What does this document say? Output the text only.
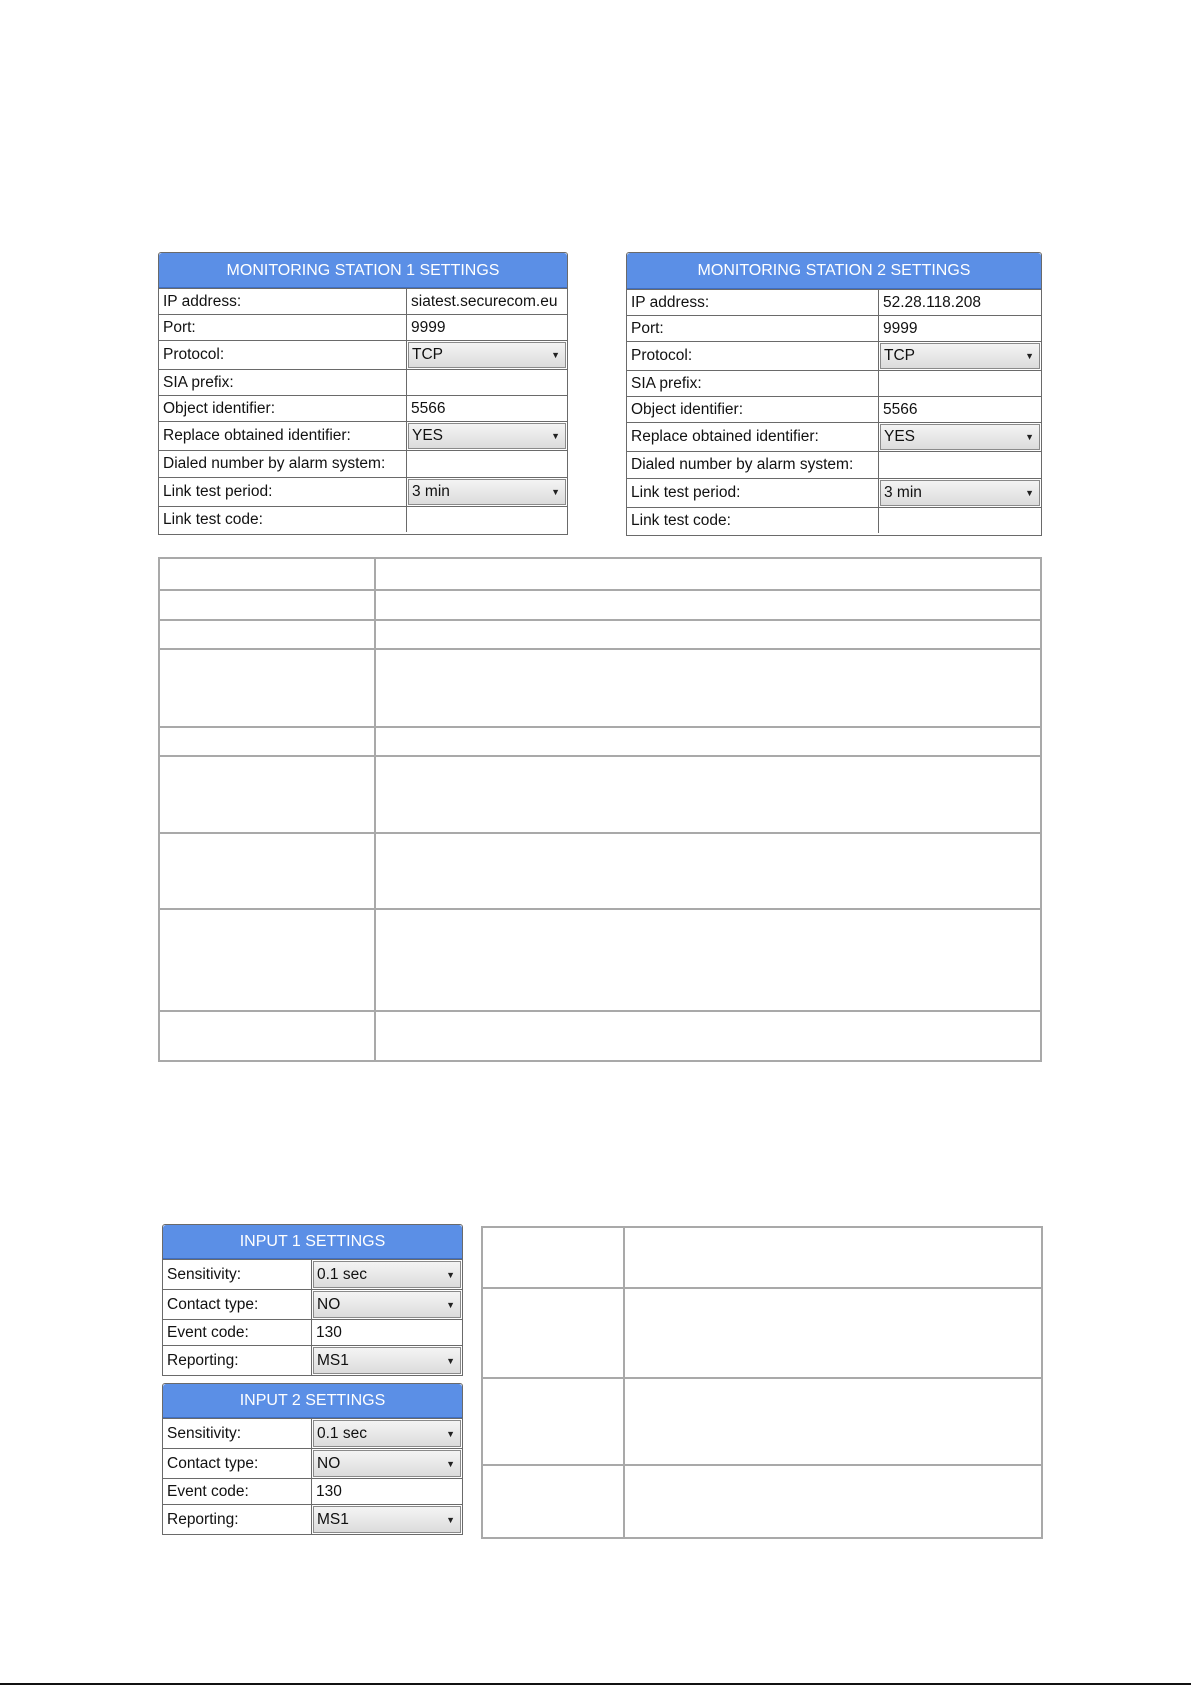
MONITORING STATION 1 SETTINGS
IP address:	siatest.securecom.eu
Port:	9999
Protocol:	TCP	▼
SIA prefix:
Object identifier:	5566
Replace obtained identifier:	YES	▼
Dialed number by alarm system:
Link test period:	3 min	▼
Link test code:
MONITORING STATION 2 SETTINGS
IP address:	52.28.118.208
Port:	9999
Protocol:	TCP	▼
SIA prefix:
Object identifier:	5566
Replace obtained identifier:	YES	▼
Dialed number by alarm system:
Link test period:	3 min	▼
Link test code:
INPUT 1 SETTINGS
Sensitivity:	0.1 sec	▼
Contact type:	NO	▼
Event code:	130
Reporting:	MS1	▼
INPUT 2 SETTINGS
Sensitivity:	0.1 sec	▼
Contact type:	NO	▼
Event code:	130
Reporting:	MS1	▼
